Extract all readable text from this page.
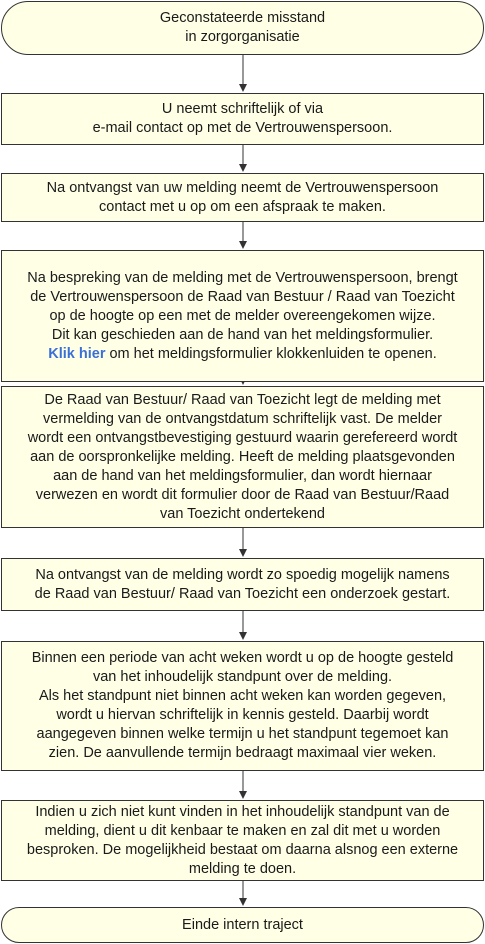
Geconstateerde misstand
in zorgorganisatie
U neemt schriftelijk of via
e-mail contact op met de Vertrouwenspersoon.
Na ontvangst van uw melding neemt de Vertrouwenspersoon
contact met u op om een afspraak te maken.
Na bespreking van de melding met de Vertrouwenspersoon, brengt
de Vertrouwenspersoon de Raad van Bestuur / Raad van Toezicht
op de hoogte op een met de melder overeengekomen wijze.
Dit kan geschieden aan de hand van het meldingsformulier.
Klik hier om het meldingsformulier klokkenluiden te openen.
De Raad van Bestuur/ Raad van Toezicht legt de melding met
vermelding van de ontvangstdatum schriftelijk vast. De melder
wordt een ontvangstbevestiging gestuurd waarin gerefereerd wordt
aan de oorspronkelijke melding. Heeft de melding plaatsgevonden
aan de hand van het meldingsformulier, dan wordt hiernaar
verwezen en wordt dit formulier door de Raad van Bestuur/Raad
van Toezicht ondertekend
Na ontvangst van de melding wordt zo spoedig mogelijk namens
de Raad van Bestuur/ Raad van Toezicht een onderzoek gestart.
Binnen een periode van acht weken wordt u op de hoogte gesteld
van het inhoudelijk standpunt over de melding.
Als het standpunt niet binnen acht weken kan worden gegeven,
wordt u hiervan schriftelijk in kennis gesteld. Daarbij wordt
aangegeven binnen welke termijn u het standpunt tegemoet kan
zien. De aanvullende termijn bedraagt maximaal vier weken.
Indien u zich niet kunt vinden in het inhoudelijk standpunt van de
melding, dient u dit kenbaar te maken en zal dit met u worden
besproken. De mogelijkheid bestaat om daarna alsnog een externe
melding te doen.
Einde intern traject
